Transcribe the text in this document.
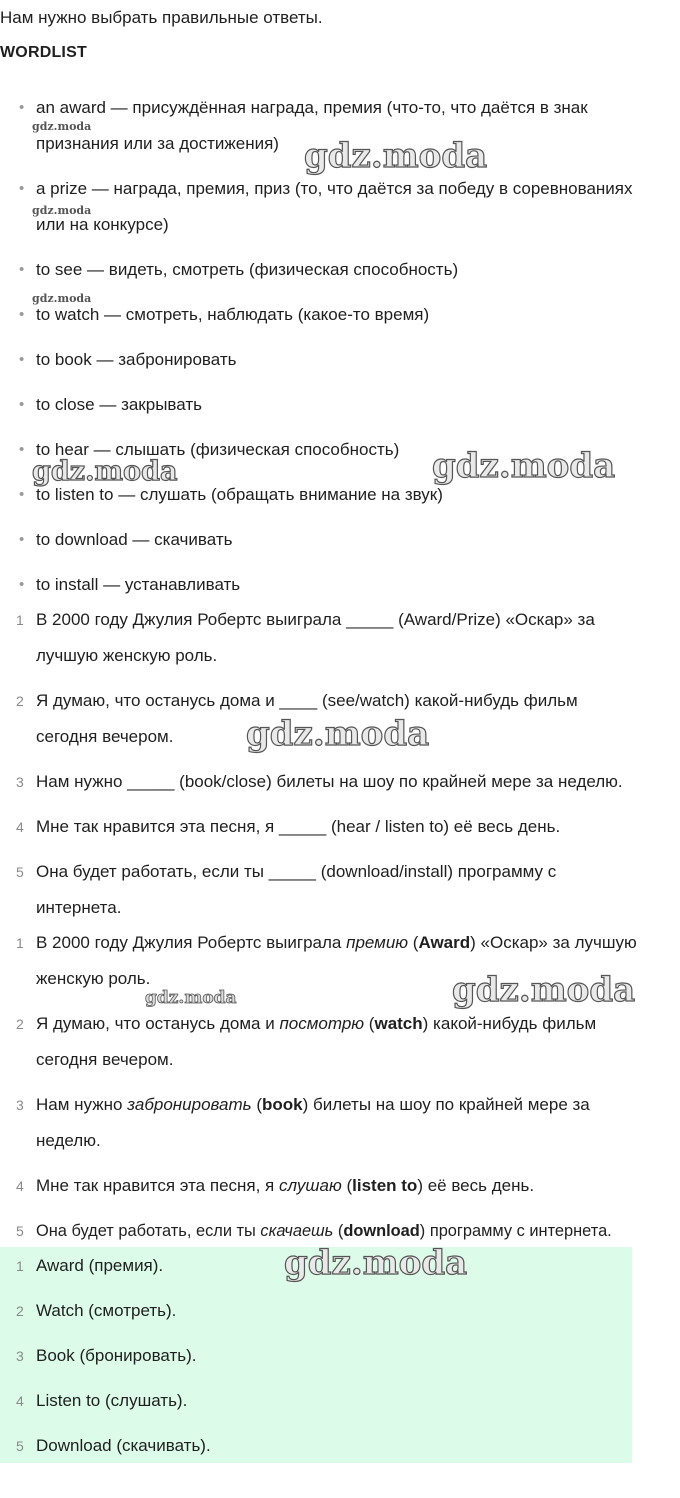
Нам нужно выбрать правильные ответы.

WORDLIST

• an award — присуждённая награда, премия (что-то, что даётся в знак
признания или за достижения)
• a prize — награда, премия, приз (то, что даётся за победу в соревнованиях
или на конкурсе)
• to see — видеть, смотреть (физическая способность)
• to watch — смотреть, наблюдать (какое-то время)
• to book — забронировать
• to close — закрывать
• to hear — слышать (физическая способность)
• to listen to — слушать (обращать внимание на звук)
• to download — скачивать
• to install — устанавливать
1 В 2000 году Джулия Робертс выиграла _____ (Award/Prize) «Оскар» за
лучшую женскую роль.
2 Я думаю, что останусь дома и ____ (see/watch) какой-нибудь фильм
сегодня вечером.
3 Нам нужно _____ (book/close) билеты на шоу по крайней мере за неделю.
4 Мне так нравится эта песня, я _____ (hear / listen to) её весь день.
5 Она будет работать, если ты _____ (download/install) программу с
интернета.
1 В 2000 году Джулия Робертс выиграла премию (Award) «Оскар» за лучшую
женскую роль.
2 Я думаю, что останусь дома и посмотрю (watch) какой-нибудь фильм
сегодня вечером.
3 Нам нужно забронировать (book) билеты на шоу по крайней мере за
неделю.
4 Мне так нравится эта песня, я слушаю (listen to) её весь день.
5 Она будет работать, если ты скачаешь (download) программу с интернета.
1 Award (премия).
2 Watch (смотреть).
3 Book (бронировать).
4 Listen to (слушать).
5 Download (скачивать).
gdz.moda
gdz.moda
gdz.moda
gdz.moda
gdz.moda	gdz.moda
gdz.moda
gdz.moda	gdz.moda
gdz.moda
